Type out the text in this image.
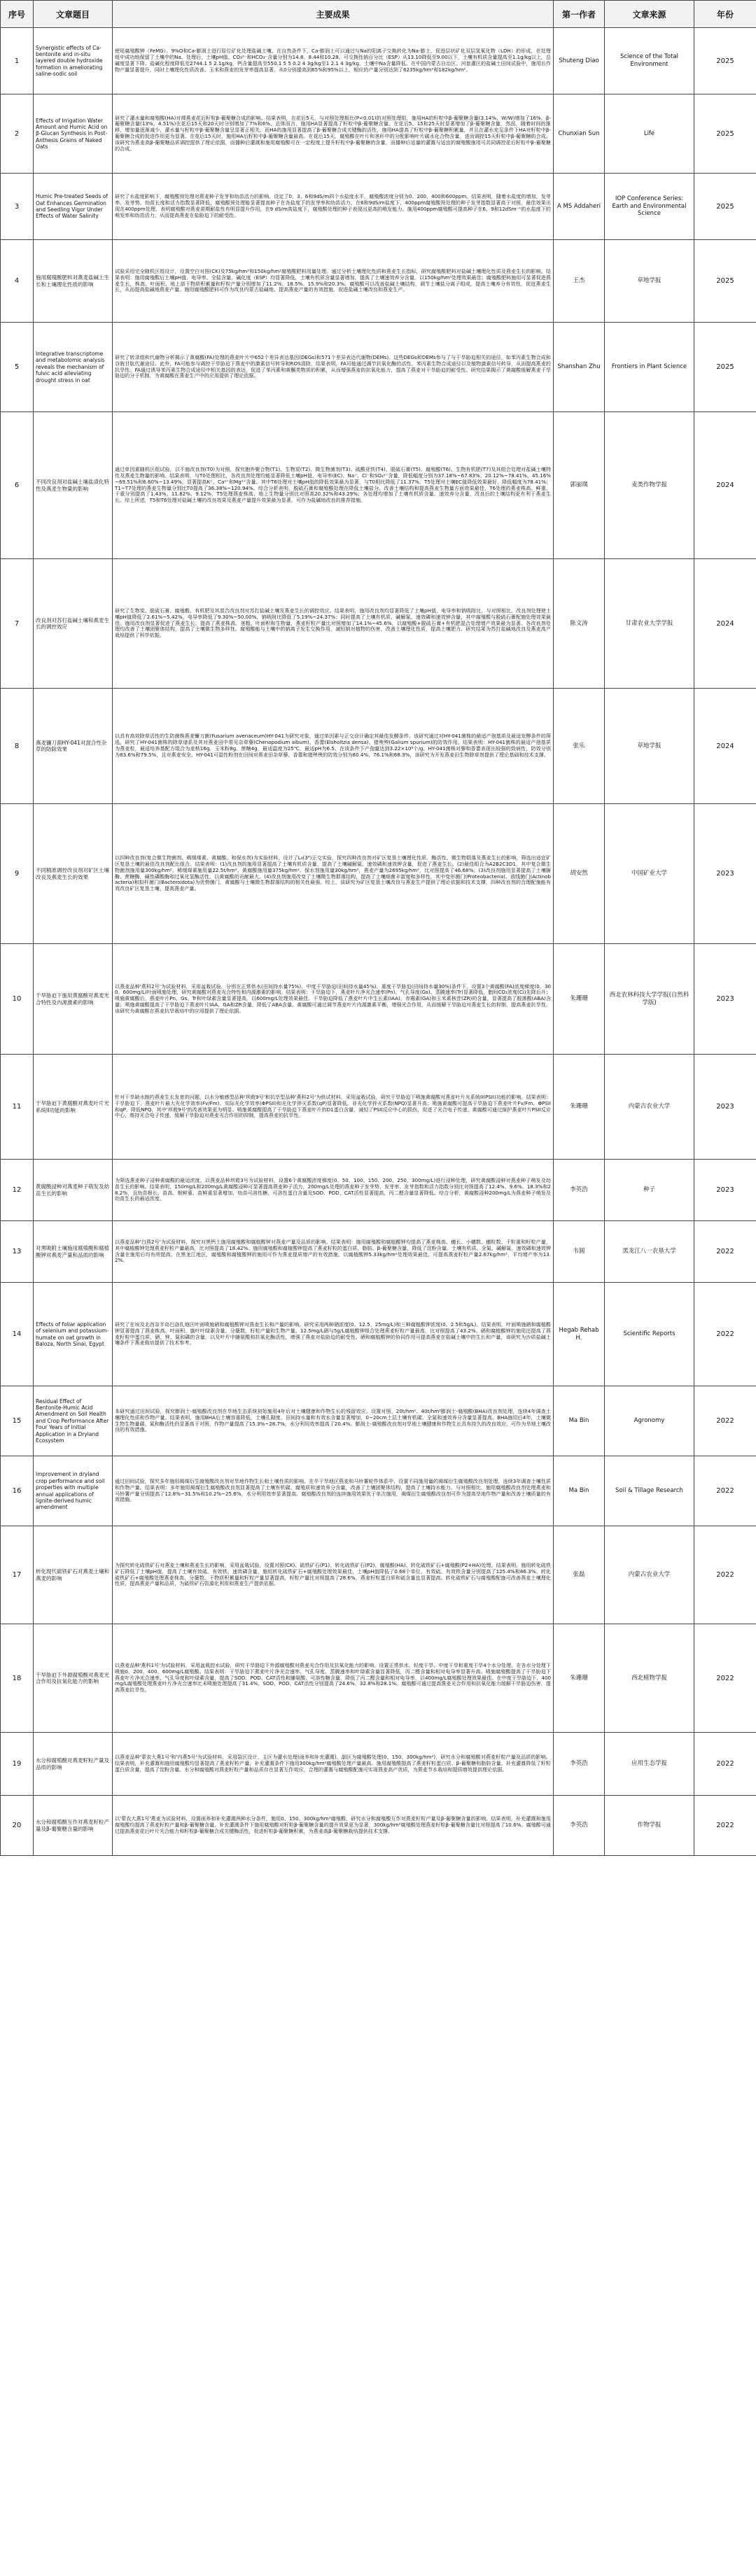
序号	文章题目	主要成果	第一作者	文章来源	年份
1	Synergistic effects of Ca-bentonite and in-situ layered double hydroxide formation in ameliorating saline-sodic soil	使用腐殖酸钾（FeMG）、9%O和Ca-膨润土进行原位矿化处理盐碱土壤。在自然条件下，Ca-膨润土可以通过与Na的阳离子交换转化为Na-膨土，促进层状矿化双层氢氧化物（LDH）的形成，在处理组中成功地保留了土壤中的Na。处理后，土壤pH值、CO₃²⁻和HCO₃⁻含量分别为14.8、8.44和10.28、可交换性钠百分比（ESP）从13.10降低至9.00以下，土壤有机质含量提高至1.1g/kg以上，总碱度显著下降。盐碱化程度降低至2744.1 5 2.1g/kg，钙含量提高至550.1 5 5 0.2 4 3g/kg至1 2.1 4 3g/kg，土壤中Na含量降低。在中国内蒙古自治区、河套灌区的盐碱土田间试验中，施用后作物产量显著提升，同时土壤理化性质改善。玉米和燕麦的发芽率提高显著，从0分别提高到65%和95%以上，相应的产量分别达到了6235kg/hm²和182kg/hm²。	Shuteng Diao	Science of the Total Environment	2025
2	Effects of Irrigation Water Amount and Humic Acid on β-Glucan Synthesis in Post-Anthesis Grains of Naked Oats	研究了灌水量和腐殖酸(HA)对裸燕麦花后籽粒β-葡聚糖合成的影响。结果表明，在花后5天，与对照处理相比(P<0.01)的对照处理组，施用HA的籽粒中β-葡聚糖含量(3.14%，W/W)增加了16%，β-葡聚糖含量(13%、4.51%)在花后15天和20天时分别增加了7%和6%，总体而言，施用HA显著提高了籽粒中β-葡聚糖含量。在花后5、15和25天时显著增加了β-葡聚糖含量，然而，随着时间的推移，增加量逐渐减少，灌水量与籽粒中β-葡聚糖含量呈显著正相关，而HA的施用显著提高了β-葡聚糖合成关键酶的活性，施用HA提高了籽粒中β-葡聚糖积累量，并且在灌水充足条件下HA对籽粒中β-葡聚糖合成的促进作用更为显著。在花后15天时，施用HA后籽粒中β-葡聚糖含量最高。在花后15天，腐殖酸在叶片和茎秆中的分配影响叶片碳水化合物含量，进而调控15天籽粒中β-葡聚糖的合成。该研究为燕麦高β-葡聚糖品质调控提供了理论依据，而播种后灌溉和施用腐殖酸可在一定程度上提升籽粒中β-葡聚糖的含量，而播种后适量的灌溉与适宜的腐殖酸施用可共同调控花后籽粒中β-葡聚糖的合成。	Chunxian Sun	Life	2025
3	Humic Pre-treated Seeds of Oat Enhances Germination and Seedling Vigor Under Effects of Water Salinity	研究了水盐度影响下，腐殖酸预处理对燕麦种子发芽和幼苗活力的影响。设定了0、3、6和9dS/m四个水盐度水平，腐殖酸浓度分别为0、200、400和600ppm。结果表明，随着水盐度的增加，发芽率、发芽势、幼苗长度和活力指数显著降低，腐殖酸预处理能显著提高种子在各盐度下的发芽率和幼苗活力。在6和9dS/m盐度下，400ppm腐殖酸预处理的种子发芽指数显著高于对照，最佳效果出现在400ppm处理，表明腐殖酸对燕麦苗期耐盐性有明显提升作用，在9 dS/m高盐度下，腐殖酸处理的种子表现出更高的萌发能力。施用400ppm腐殖酸可提高种子在6、9和12dSm⁻¹的水盐度下的萌发率和幼苗活力，从而提高燕麦在盐胁迫下的耐受性。	A MS Addaheri	IOP Conference Series: Earth and Environmental Science	2025
4	施用腐殖酸肥料对燕麦盐碱土生长和土壤理化性质的影响	试验采用完全随机区组设计，设置空白对照(CK)及75kg/hm²和150kg/hm²腐殖酸肥料用量处理。通过分析土壤理化性质和燕麦生长指标，研究腐殖酸肥料对盐碱土壤理化性质及燕麦生长的影响。结果表明：施用腐殖酸后土壤pH值、电导率、全盐含量、碱化度（ESP）均显著降低，土壤有机质含量显著增加，提高了土壤速效养分含量，以150kg/hm²处理效果最佳；腐殖酸肥料施用可显著促进燕麦生长，株高、叶面积、地上部干物质积累量和籽粒产量分别增加了11.2%、18.5%、15.9%和20.3%。腐殖酸可以改善盐碱土壤结构，调节土壤盐分离子组成，提高土壤养分有效性，促进燕麦生长，从而提高盐碱地燕麦产量。施用腐殖酸肥料可作为改良内蒙古盐碱地、提高燕麦产量的有效措施，促进盐碱土壤改良和燕麦生产。	王杰	草地学报	2025
5	Integrative transcriptome and metabolomic analysis reveals the mechanism of fulvic acid alleviating drought stress in oat	研究了转录组和代谢物分析揭示了黄腐酸(FA)处理的燕麦叶片中652个差异表达基因(DEGs)和571个差异表达代谢物(DEMs)。这些DEGs和DEMs参与了与干旱胁迫相关的途径，如苯丙素生物合成和谷胱甘肽代谢途径。此外，FA可能参与调控干旱胁迫下燕麦中的激素信号转导和ROS清除，结果表明，FA可能通过调节抗氧化酶的活性、苯丙素生物合成途径以及植物激素信号转导，从而提高燕麦的抗旱性。FA通过诱导苯丙素生物合成途径中相关基因的表达，促进了苯丙素和黄酮类物质的积累，从而增强燕麦的抗氧化能力，提高了燕麦对干旱胁迫的耐受性。研究结果揭示了黄腐酸缓解燕麦干旱胁迫的分子机制，为黄腐酸在燕麦生产中的应用提供了理论依据。	Shanshan Zhu	Frontiers in Plant Science	2025
6	不同改良剂对盐碱土壤盐渍化特性及燕麦生物量的影响	通过单因素随机区组试验，以不施改良剂(T0)为对照，探究胞外聚合物(T1)、生物炭(T2)、微生物菌剂(T3)、硫酸亚铁(T4)、脱硫石膏(T5)、腐殖酸(T6)、生物有机肥(T7)及其组合处理对盐碱土壤特性及燕麦生物量的影响。结果表明，与T0处理相比，各改良剂处理均能显著降低土壤pH值、电导率(EC)、Na⁺、Cl⁻和SO₄²⁻含量，降低幅度分别为37.18%~67.83%、20.12%~78.41%、45.16%~69.51%和6.60%~13.49%，显著提高K⁺、Ca²⁺和Mg²⁺含量。其中T6处理对土壤pH值的降低效果最为显著，与T0相比降低了11.37%，T5处理对土壤EC值降低效果最好，降低幅度为78.41%；T1~T7处理的燕麦生物量分别比T0提高了36.38%~120.94%。综合分析表明，脱硫石膏和腐殖酸处理在降低土壤盐分、改善土壤结构和提高燕麦生物量方面效果最佳，T6处理的燕麦株高、鲜重、干重分别提高了1.43%、11.82%、9.12%，T5处理燕麦株高、地上生物量分别比对照高20.32%和43.29%；各处理均增加了土壤有机质含量、速效养分含量，改良后的土壤结构更有利于燕麦生长。综上所述，T5和T6处理对盐碱土壤的改良效果及燕麦产量提升效果最为显著，可作为盐碱地改良的推荐措施。	郭丽璞	麦类作物学报	2024
7	改良剂对苏打盐碱土壤和燕麦生长的调控效应	研究了生物炭、脱硫石膏、腐殖酸、有机肥及其混合改良剂对苏打盐碱土壤及燕麦生长的调控效应。结果表明，施用改良剂均显著降低了土壤pH值、电导率和钠吸附比，与对照相比，改良剂处理使土壤pH值降低了2.61%~5.42%，电导率降低了9.30%~50.00%，钠吸附比降低了5.19%~24.37%；同时提高了土壤有机质、碱解氮、速效磷和速效钾含量，其中腐殖酸与脱硫石膏配施处理效果最佳。施用改良剂显著促进了燕麦生长，提高了燕麦株高、茎粗、叶面积和生物量，燕麦籽粒产量比对照增加了14.1%~45.6%，以腐殖酸+脱硫石膏+有机肥混合处理增产效果最为显著。各改良剂处理均改善了土壤团聚体结构，提高了土壤微生物多样性。腐殖酸能与土壤中的钠离子发生交换作用，减轻钠对植物的伤害，改善土壤理化性质，提高土壤肥力。研究结果为苏打盐碱地改良及燕麦高产栽培提供了科学依据。	陈文涛	甘肃农业大学学报	2024
8	燕麦镰刀菌HY-041对混合性杂草的防除效果	以具有高效除草活性的生防菌株燕麦镰刀菌(Fusarium avenaceum)HY-041为研究对象，通过单因素与正交设计确定其最佳发酵条件。该研究通过对HY-041菌株的最适产孢基质及最适发酵条件的筛选，研究了HY-041菌株的除草谱系及其对燕麦田中常见杂草藜(Chenopodium album)、香薷(Elsholtzia densa)、猪殃殃(Galium spurium)的防效作用。结果表明：HY-041菌株的最适产孢基质为燕麦粒，最适培养基配方组合为麦麸16g、玉米粉8g、蔗糖4g，最适温度为25℃，最适pH为6.5。在该条件下产孢量达到3.22×10⁸个/g。HY-041菌株对藜和香薷表现出较强的致病性，防效分别为83.6%和79.5%，且对燕麦安全。HY-041可湿性粉剂在田间对燕麦田杂草藜、香薷和猪殃殃的防效分别为80.4%、76.1%和68.3%，该研究为开发燕麦田生物除草剂提供了理论基础和技术支撑。	张乐	草地学报	2024
9	不同精准调控改良剂对矿区土壤改良及燕麦生长的效果	以四种改良剂(复合微生物菌剂、稀缀煤素、黄腐酸、和保水剂)为实验材料，设计了L₉(3⁴)正交实验，探究四种改良剂对矿区复垦土壤理化性质、酶活性、微生物群落及燕麦生长的影响，筛选出适宜矿区复垦土壤的最佳改良剂配比组合。结果表明：(1)改良剂的施用显著提高了土壤有机质含量，提高了土壤碱解氮、速效磷和速效钾含量，促进了燕麦生长。(2)最佳组合为A2B2C3D1，其中复合微生物菌剂施用量300kg/hm²、稀缀煤素施用量22.5t/hm²、黄腐酸施用量375kg/hm²、保水剂施用量30kg/hm²，燕麦产量为2695kg/hm²，比对照提高了46.68%。(3)改良剂施用显著提高了土壤脲酶、蔗糖酶、碱性磷酸酶和过氧化氢酶活性，以黄腐酸的贡献最大。(4)改良剂施用改变了土壤微生物群落结构，提高了土壤细菌丰富度和多样性，其中变形菌门(Proteobacteria)、放线菌门(Actinobacteria)和拟杆菌门(Bacteroidota)为优势菌门，黄腐酸与土壤微生物群落结构的相关性最强。综上，该研究为矿区复垦土壤改良与燕麦生产提供了理论依据和技术支撑，四种改良剂的合理配施能有效改良矿区复垦土壤，提高燕麦产量。	胡安然	中国矿业大学	2023
10	干旱胁迫下施用黄腐酸对燕麦光合特性及内源激素的影响	以燕麦品种'燕科2号'为试验材料，采用盆栽试验，分别在正常供水(田间持水量75%)、中度干旱胁迫(田间持水量45%)、重度干旱胁迫(田间持水量30%)条件下，设置3个黄腐酸(FA)浓度梯度(0、300、600mg/L)叶面喷施处理，研究黄腐酸对燕麦光合特性和内源激素的影响。结果表明：干旱胁迫下，燕麦叶片净光合速率(Pn)、气孔导度(Gs)、蒸腾速率(Tr)显著降低，胞间CO₂浓度(Ci)先降后升；喷施黄腐酸后，燕麦叶片Pn、Gs、Tr和叶绿素含量显著提高，以600mg/L处理效果最佳。干旱胁迫降低了燕麦叶片中生长素(IAA)、赤霉素(GA)和玉米素核苷(ZR)的含量，显著提高了脱落酸(ABA)含量；喷施黄腐酸提高了干旱胁迫下燕麦叶片IAA、GA和ZR含量，降低了ABA含量。黄腐酸可通过调节燕麦叶片内源激素平衡，增强光合作用，从而缓解干旱胁迫对燕麦生长的抑制，提高燕麦抗旱性，该研究为黄腐酸在燕麦抗旱栽培中的应用提供了理论依据。	朱珊珊	西北农林科技大学学报(自然科学版)	2023
11	干旱胁迫下黄腐酸对燕麦叶片光系统II功能的影响	针对干旱缺水制约燕麦生长发育的问题，以水分敏感型品种'坝莜9号'和抗旱型品种'燕科2号'为供试材料，采用盆栽试验，研究干旱胁迫下喷施黄腐酸对燕麦叶片光系统II(PSII)功能的影响。结果表明：干旱胁迫下，燕麦叶片最大光化学效率(Fv/Fm)、实际光化学效率(ΦPSII)和光化学猝灭系数(qP)显著降低，非光化学猝灭系数(NPQ)显著升高；喷施黄腐酸可提高干旱胁迫下燕麦叶片Fv/Fm、ΦPSII和qP，降低NPQ，其中'坝莜9号'的改善效果更为明显。喷施黄腐酸提高了干旱胁迫下燕麦叶片的D1蛋白含量，减轻了PSII反应中心的损伤，促进了光合电子传递。黄腐酸可通过保护燕麦叶片PSII反应中心，维持光合电子传递，缓解干旱胁迫对燕麦光合作用的抑制，提高燕麦的抗旱性。	朱珊珊	内蒙古农业大学	2023
12	黄腐酸浸种对燕麦种子萌发及幼苗生长的影响	为筛选燕麦种子浸种黄腐酸的最适浓度，以燕麦品种坝莜3号为试验材料，设置6个黄腐酸浓度梯度(0、50、100、150、200、250、300mg/L)进行浸种处理，研究黄腐酸浸种对燕麦种子萌发及幼苗生长的影响。结果表明，150mg/L和200mg/L黄腐酸浸种可显著提高燕麦种子活力，200mg/L处理的燕麦种子发芽势、发芽率、发芽指数和活力指数分别比对照提高了12.4%、9.6%、18.3%和28.2%，且幼苗根长、苗高、根鲜重、苗鲜重显著增加，幼苗可溶性糖、可溶性蛋白含量及SOD、POD、CAT活性显著提高，丙二醛含量显著降低。综合分析，黄腐酸浸种200mg/L为燕麦种子萌发及幼苗生长的最适浓度。	李英浩	种子	2023
13	对黑吸附土壤施用腐殖酸和腐植酸钾对燕麦产量和品质的影响	以燕麦品种'白燕2号'为试验材料，探究对黑钙土施用腐殖酸和腐植酸钾对燕麦产量及品质的影响。结果表明：施用腐殖酸和腐植酸钾均提高了燕麦株高、穗长、小穗数、穗粒数、千粒重和籽粒产量，其中腐植酸钾处理燕麦籽粒产量最高，比对照提高了18.42%。施用腐殖酸和腐植酸钾提高了燕麦籽粒的蛋白质、脂肪、β-葡聚糖含量，降低了淀粉含量。土壤有机质、全氮、碱解氮、速效磷和速效钾含量在施用后均有所提高。在黑龙江地区，腐殖酸和腐植酸钾的施用可作为燕麦提质增产的有效措施，以腐植酸钾5.33kg/hm²处理效果最佳，可提高燕麦籽粒产量2.67kg/hm²，平均增产率为13.2%。	韦圆	黑龙江八一农垦大学	2022
14	Effects of foliar application of selenium and potassium-humate on oat growth in Baloza, North Sinai, Egypt	研究了在埃及北西奈半岛巴洛扎地区叶面喷施硒和腐植酸钾对燕麦生长和产量的影响。研究采用两种硒浓度(0、12.5、25mg/L)和三种腐植酸钾浓度(0、2.5和5g/L)。结果表明，叶面喷施硒和腐植酸钾显著提高了燕麦株高、叶面积、旗叶叶绿素含量、分蘖数、籽粒产量和生物产量。12.5mg/L硒与5g/L腐植酸钾组合处理燕麦籽粒产量最高，比对照提高了43.2%。硒和腐植酸钾的施用还提高了燕麦籽粒中蛋白质、硒、钾、氮和磷的含量，以及叶片中脯氨酸和抗氧化酶活性，增强了燕麦对盐胁迫的耐受性。硒和腐植酸钾的协同作用可提高燕麦在盐碱土壤中的生长和产量，该研究为沙质盐碱土壤条件下燕麦栽培提供了技术参考。	Hegab Rehab H.	Scientific Reports	2022
15	Residual Effect of Bentonite-Humic Acid Amendment on Soil Health and Crop Performance After Four Years of Initial Application in a Dryland Ecosystem	本研究通过田间试验，探究膨润土-腐殖酸改良剂在旱地生态系统初始施用4年后对土壤健康和作物生长的残留效应。设置对照、20t/hm²、40t/hm²膨润土-腐殖酸(BHA)改良剂处理，连续4年调查土壤理化性质和作物产量。结果表明，施用BHA后土壤容重降低，土壤孔隙度、田间持水量和有效水含量显著增加，0~20cm土层土壤有机碳、全氮和速效养分含量显著提高。BHA施用后4年，土壤微生物生物量碳、氮和酶活性仍显著高于对照，作物产量提高了15.3%~28.7%，水分利用效率提高了20.4%。膨润土-腐殖酸改良剂对旱地土壤健康和作物生长具有持久的改良效应，可作为旱地土壤改良的有效措施。	Ma Bin	Agronomy	2022
16	Improvement in dryland crop performance and soil properties with multiple annual applications of lignite-derived humic amendment	通过田间试验，探究多年施用褐煤衍生腐殖酸改良剂对旱地作物生长和土壤性质的影响。在半干旱地区燕麦和马铃薯轮作体系中，设置不同施用量的褐煤衍生腐殖酸改良剂处理，连续3年调查土壤性质和作物产量。结果表明：多年施用褐煤衍生腐殖酸改良剂显著提高了土壤有机碳、腐殖质和速效养分含量，改善了土壤团聚体结构，提高了土壤持水能力。与对照相比，施用腐殖酸改良剂处理燕麦和马铃薯产量分别提高了12.8%~31.5%和10.2%~25.6%，水分利用效率显著提高。腐殖酸改良剂的连续施用效果优于单次施用，褐煤衍生腐殖酸改良剂可作为提高旱地作物产量和改善土壤质量的有效措施。	Ma Bin	Soil & Tillage Research	2022
17	转化现代硫铁矿石对燕麦土壤和燕麦的影响	为探究转化硫铁矿石对燕麦土壤和燕麦生长的影响，采用盆栽试验，设置对照(CK)、硫铁矿石(P1)、转化硫铁矿石(P2)、腐殖酸(HA)、转化硫铁矿石+腐殖酸(P2+HA)处理。结果表明，施用转化硫铁矿石降低了土壤pH值，提高了土壤有效硫、有效铁、速效磷含量，施用转化硫铁矿石+腐殖酸处理效果最佳，土壤pH值降低了0.68个单位，有效硫、有效铁含量分别提高了125.4%和86.3%。转化硫铁矿石+腐殖酸处理燕麦株高、分蘖数、干物质积累量和籽粒产量显著提高，籽粒产量比对照提高了28.6%，燕麦籽粒蛋白质和硫含量也显著提高。转化硫铁矿石与腐殖酸配施可改善燕麦土壤理化性质，提高燕麦产量和品质，为硫铁矿石资源化利用和燕麦生产提供依据。	张磊	内蒙古农业大学	2022
18	干旱胁迫下外源腐殖酸对燕麦光合作用及抗氧化能力的影响	以燕麦品种'燕科1号'为试验材料，采用盆栽控水试验，研究干旱胁迫下外源腐殖酸对燕麦光合作用及抗氧化能力的影响。设置正常供水、轻度干旱、中度干旱和重度干旱4个水分处理，在各水分处理下喷施0、200、400、600mg/L腐殖酸。结果表明：干旱胁迫下燕麦叶片净光合速率、气孔导度、蒸腾速率和叶绿素含量显著降低，丙二醛含量和相对电导率显著升高。喷施腐殖酸提高了干旱胁迫下燕麦叶片净光合速率、气孔导度和叶绿素含量，提高了SOD、POD、CAT活性和脯氨酸、可溶性糖含量，降低了丙二醛含量和相对电导率，以400mg/L腐殖酸处理效果最佳。在中度干旱胁迫下，400mg/L腐殖酸处理燕麦叶片净光合速率比未喷施处理提高了31.4%，SOD、POD、CAT活性分别提高了24.6%、32.8%和28.1%。腐殖酸可通过提高燕麦光合作用和抗氧化能力缓解干旱胁迫伤害，提高燕麦抗旱性。	朱珊珊	西北植物学报	2022
19	水分和腐殖酸对燕麦籽粒产量及品质的影响	以燕麦品种'蒙农大燕1号'和'内燕5号'为试验材料，采用裂区设计，主区为灌水处理(雨养和补充灌溉)，副区为腐殖酸处理(0、150、300kg/hm²)，研究水分和腐殖酸对燕麦籽粒产量及品质的影响。结果表明，补充灌溉和施用腐殖酸均显著提高了燕麦籽粒产量，补充灌溉条件下施用300kg/hm²腐殖酸处理产量最高。施用腐殖酸提高了燕麦籽粒蛋白质、β-葡聚糖和脂肪含量，补充灌溉降低了籽粒蛋白质含量，提高了淀粉含量。水分和腐殖酸对燕麦籽粒产量和品质存在显著互作效应，合理的灌溉与腐殖酸配施可实现燕麦高产优质，为燕麦节水栽培和提质增效提供理论依据。	李英浩	应用生态学报	2022
20	水分和腐殖酸互作对燕麦籽粒产量及β-葡聚糖含量的影响	以'蒙农大燕1号'燕麦为试验材料，设置雨养和补充灌溉两种水分条件，施用0、150、300kg/hm²腐殖酸，研究水分和腐殖酸互作对燕麦籽粒产量及β-葡聚糖含量的影响。结果表明，补充灌溉和施用腐殖酸均提高了燕麦籽粒产量和β-葡聚糖含量，补充灌溉条件下施用腐殖酸对籽粒β-葡聚糖含量的提升效果更为显著，300kg/hm²腐殖酸处理燕麦籽粒β-葡聚糖含量比对照提高了10.6%。腐殖酸可通过提高燕麦花后叶片光合能力和籽粒β-葡聚糖合成关键酶活性，促进籽粒β-葡聚糖积累，为燕麦高β-葡聚糖栽培提供技术支撑。	李英浩	作物学报	2022
